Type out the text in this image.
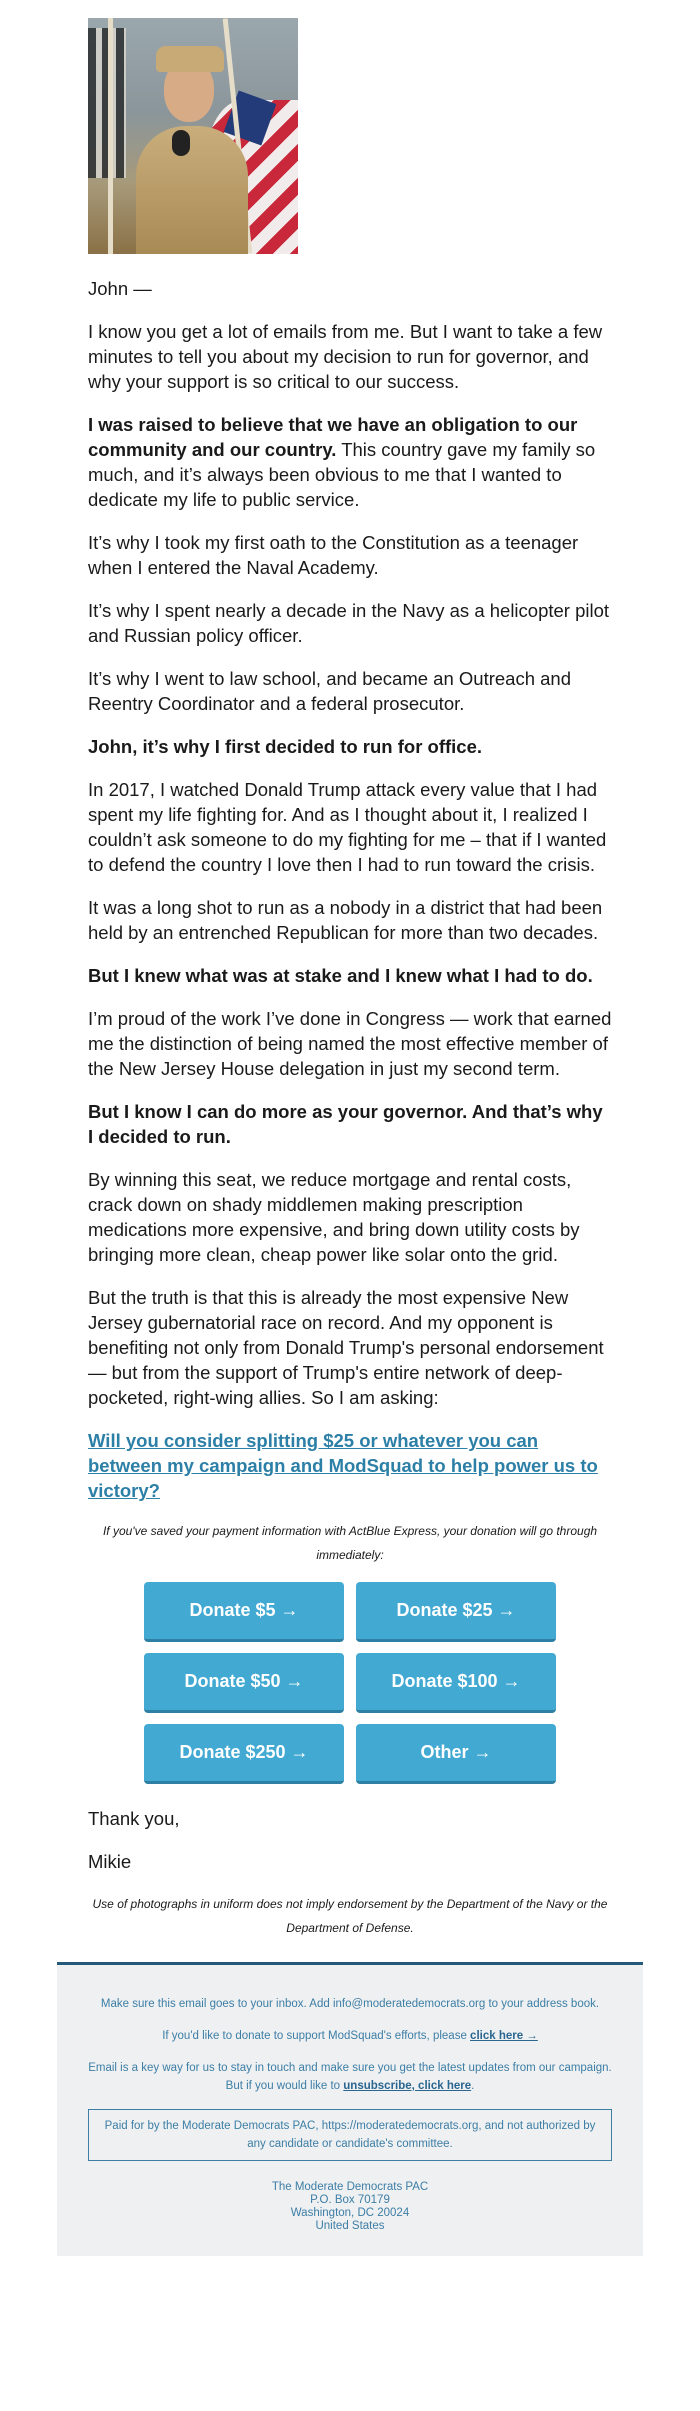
John —

I know you get a lot of emails from me. But I want to take a few minutes to tell you about my decision to run for governor, and why your support is so critical to our success.

I was raised to believe that we have an obligation to our community and our country. This country gave my family so much, and it’s always been obvious to me that I wanted to dedicate my life to public service.

It’s why I took my first oath to the Constitution as a teenager when I entered the Naval Academy.

It’s why I spent nearly a decade in the Navy as a helicopter pilot and Russian policy officer.

It’s why I went to law school, and became an Outreach and Reentry Coordinator and a federal prosecutor.

John, it’s why I first decided to run for office.

In 2017, I watched Donald Trump attack every value that I had spent my life fighting for. And as I thought about it, I realized I couldn’t ask someone to do my fighting for me – that if I wanted to defend the country I love then I had to run toward the crisis.

It was a long shot to run as a nobody in a district that had been held by an entrenched Republican for more than two decades.

But I knew what was at stake and I knew what I had to do.

I’m proud of the work I’ve done in Congress — work that earned me the distinction of being named the most effective member of the New Jersey House delegation in just my second term.

But I know I can do more as your governor. And that’s why I decided to run.

By winning this seat, we reduce mortgage and rental costs, crack down on shady middlemen making prescription medications more expensive, and bring down utility costs by bringing more clean, cheap power like solar onto the grid.

But the truth is that this is already the most expensive New Jersey gubernatorial race on record. And my opponent is benefiting not only from Donald Trump's personal endorsement — but from the support of Trump's entire network of deep-pocketed, right-wing allies. So I am asking:

Will you consider splitting $25 or whatever you can between my campaign and ModSquad to help power us to victory?

If you've saved your payment information with ActBlue Express, your donation will go through immediately:

Donate $5 →	Donate $25 →
Donate $50 →	Donate $100 →
Donate $250 →	Other →

Thank you,

Mikie

Use of photographs in uniform does not imply endorsement by the Department of the Navy or the Department of Defense.

Make sure this email goes to your inbox. Add info@moderatedemocrats.org to your address book.

If you'd like to donate to support ModSquad's efforts, please click here →

Email is a key way for us to stay in touch and make sure you get the latest updates from our campaign. But if you would like to unsubscribe, click here.

Paid for by the Moderate Democrats PAC, https://moderatedemocrats.org, and not authorized by any candidate or candidate's committee.
The Moderate Democrats PAC
P.O. Box 70179
Washington, DC 20024
United States
